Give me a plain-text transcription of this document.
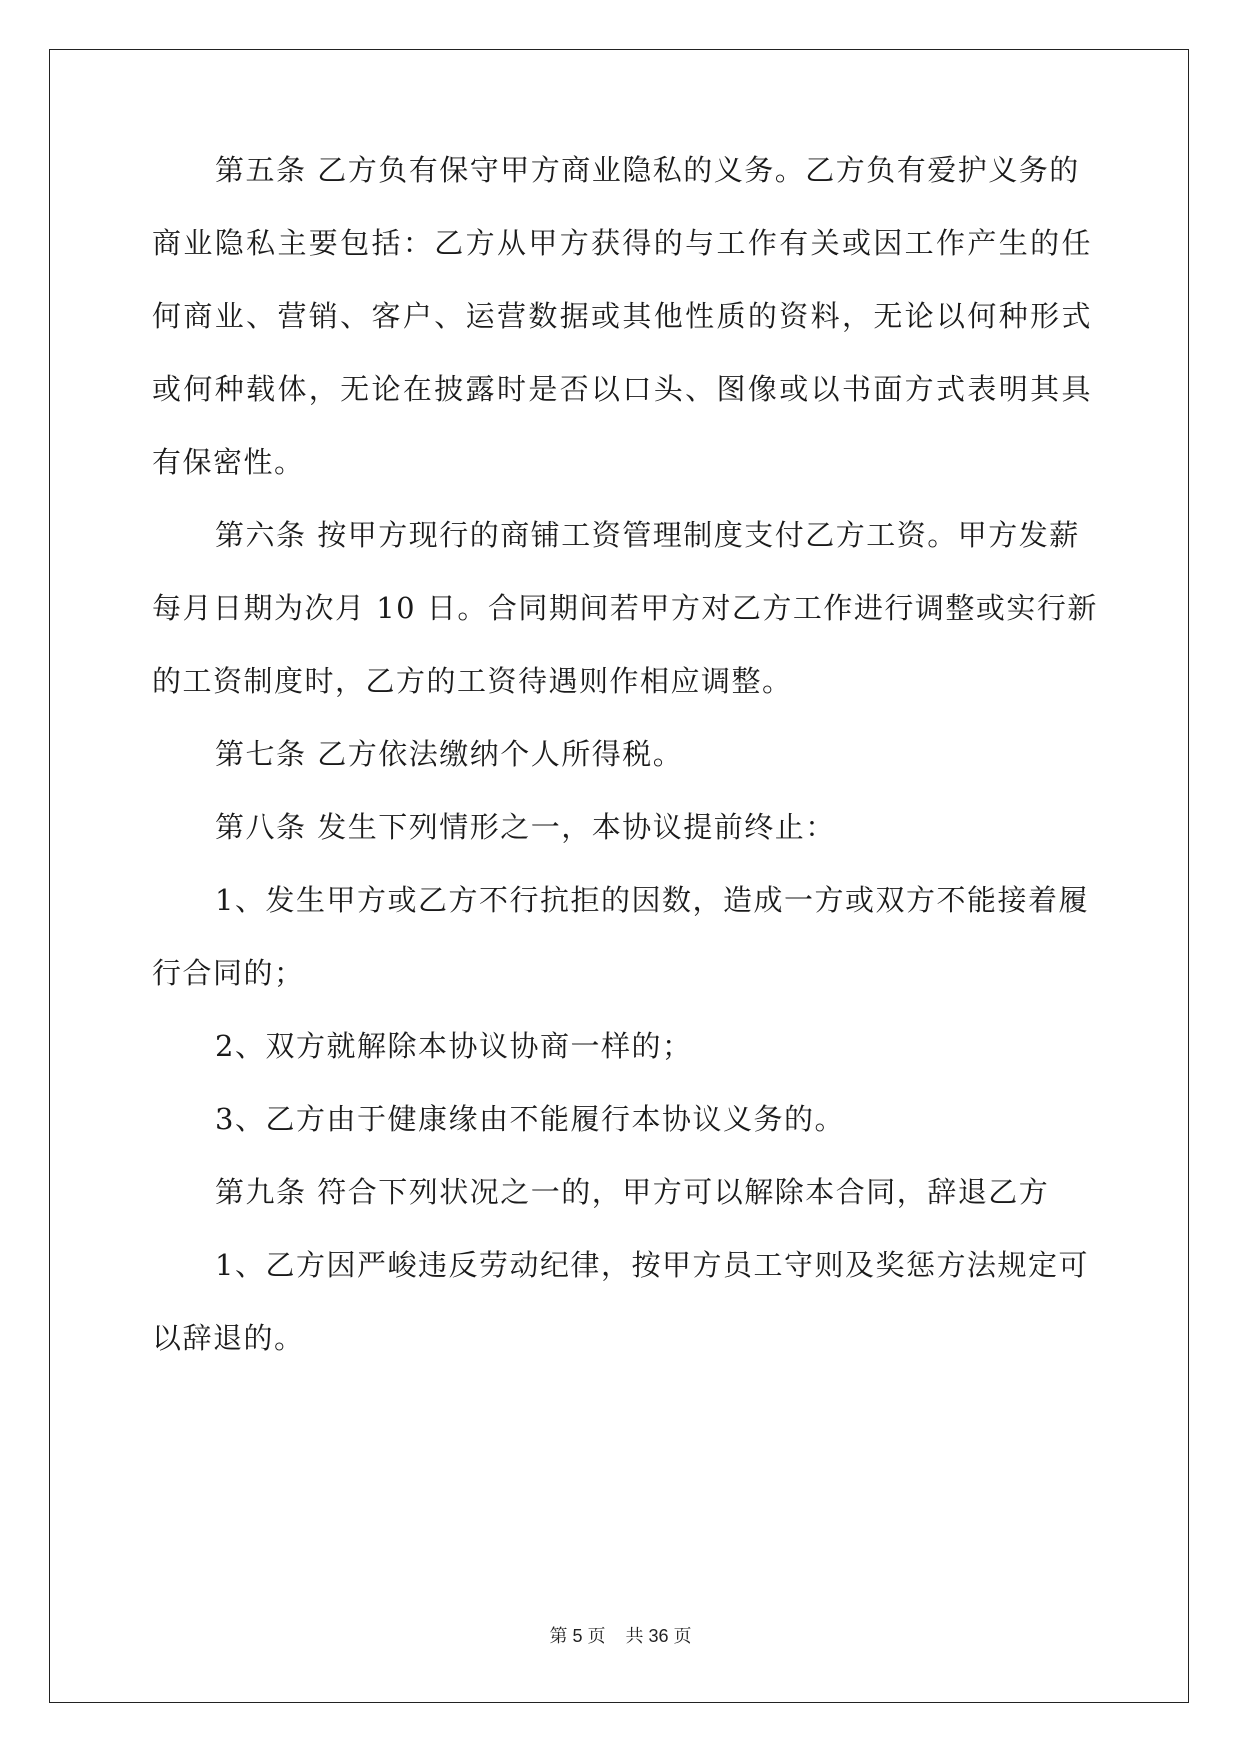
第五条 乙方负有保守甲方商业隐私的义务。乙方负有爱护义务的
商业隐私主要包括：乙方从甲方获得的与工作有关或因工作产生的任
何商业、营销、客户、运营数据或其他性质的资料，无论以何种形式
或何种载体，无论在披露时是否以口头、图像或以书面方式表明其具
有保密性。
第六条 按甲方现行的商铺工资管理制度支付乙方工资。甲方发薪
每月日期为次月 10 日。合同期间若甲方对乙方工作进行调整或实行新
的工资制度时，乙方的工资待遇则作相应调整。
第七条 乙方依法缴纳个人所得税。
第八条 发生下列情形之一，本协议提前终止：
1、发生甲方或乙方不行抗拒的因数，造成一方或双方不能接着履
行合同的；
2、双方就解除本协议协商一样的；
3、乙方由于健康缘由不能履行本协议义务的。
第九条 符合下列状况之一的，甲方可以解除本合同，辞退乙方
1、乙方因严峻违反劳动纪律，按甲方员工守则及奖惩方法规定可
以辞退的。
第 5 页 共 36 页
